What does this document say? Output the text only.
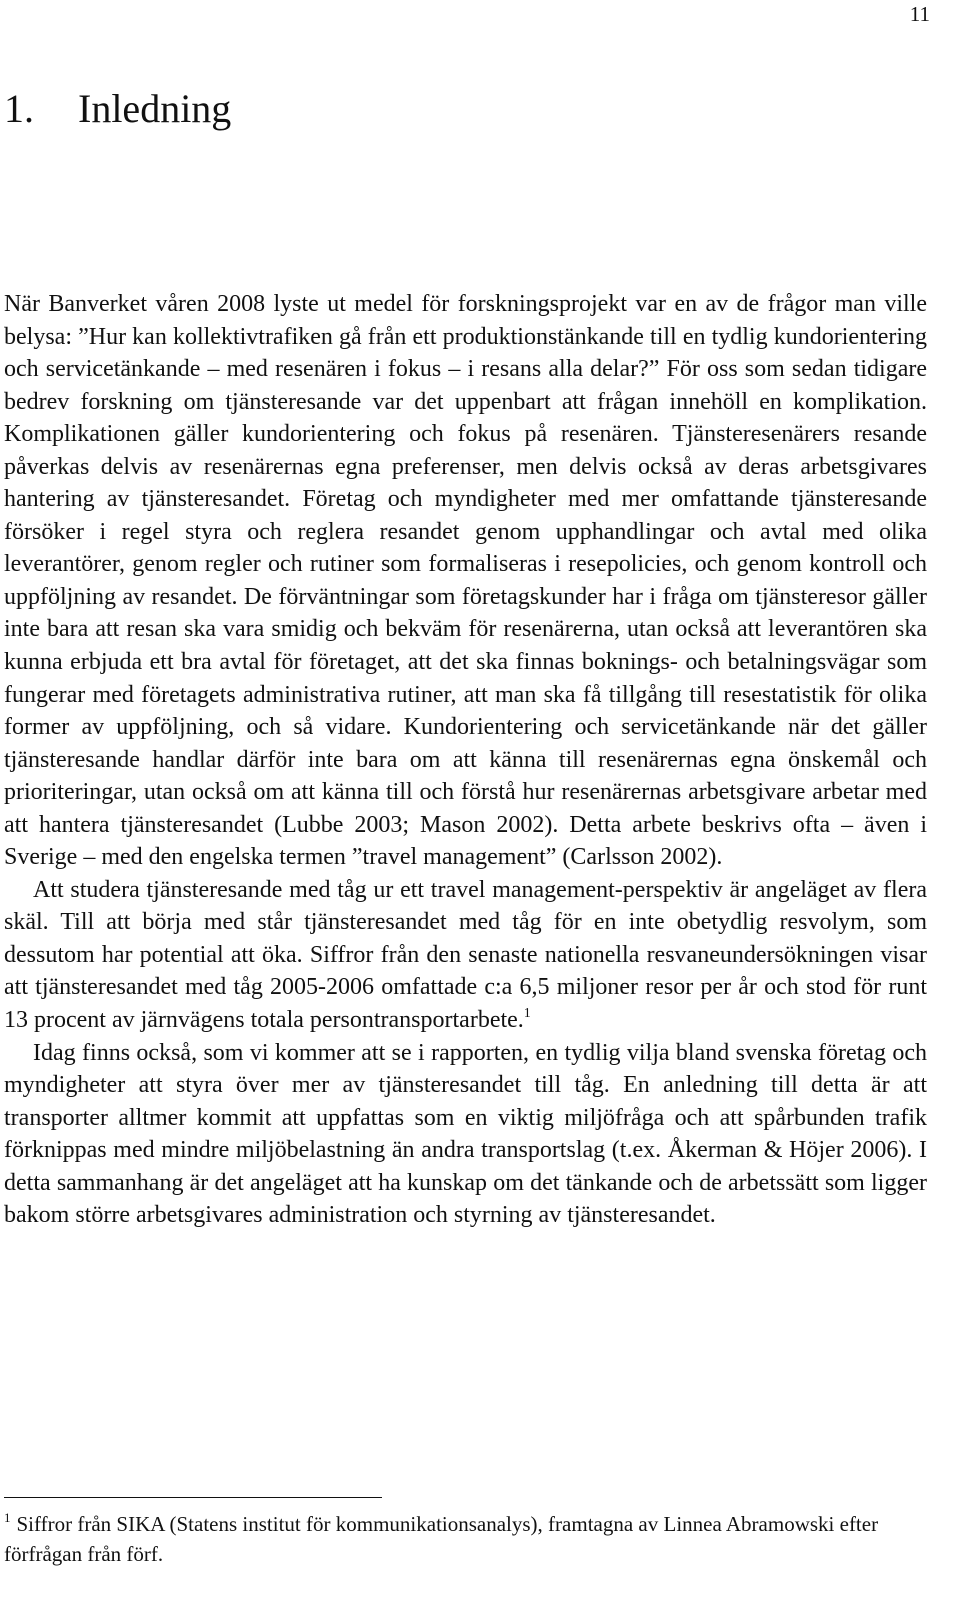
11
1. Inledning

När Banverket våren 2008 lyste ut medel för forskningsprojekt var en av de frågor man ville belysa: ”Hur kan kollektivtrafiken gå från ett produktionstänkande till en tydlig kundorientering och servicetänkande – med resenären i fokus – i resans alla delar?” För oss som sedan tidigare bedrev forskning om tjänsteresande var det uppenbart att frågan innehöll en komplikation. Komplikationen gäller kundorientering och fokus på resenären. Tjänsteresenärers resande påverkas delvis av resenärernas egna preferenser, men delvis också av deras arbetsgivares hantering av tjänsteresandet. Företag och myndigheter med mer omfattande tjänsteresande försöker i regel styra och reglera resandet genom upphandlingar och avtal med olika leverantörer, genom regler och rutiner som formaliseras i resepolicies, och genom kontroll och uppföljning av resandet. De förväntningar som företagskunder har i fråga om tjänsteresor gäller inte bara att resan ska vara smidig och bekväm för resenärerna, utan också att leverantören ska kunna erbjuda ett bra avtal för företaget, att det ska finnas boknings- och betalningsvägar som fungerar med företagets administrativa rutiner, att man ska få tillgång till resestatistik för olika former av uppföljning, och så vidare. Kundorientering och servicetänkande när det gäller tjänsteresande handlar därför inte bara om att känna till resenärernas egna önskemål och prioriteringar, utan också om att känna till och förstå hur resenärernas arbetsgivare arbetar med att hantera tjänsteresandet (Lubbe 2003; Mason 2002). Detta arbete beskrivs ofta – även i Sverige – med den engelska termen ”travel management” (Carlsson 2002).

Att studera tjänsteresande med tåg ur ett travel management-perspektiv är angeläget av flera skäl. Till att börja med står tjänsteresandet med tåg för en inte obetydlig resvolym, som dessutom har potential att öka. Siffror från den senaste nationella resvaneundersökningen visar att tjänsteresandet med tåg 2005-2006 omfattade c:a 6,5 miljoner resor per år och stod för runt 13 procent av järnvägens totala persontransportarbete.$^1$

Idag finns också, som vi kommer att se i rapporten, en tydlig vilja bland svenska företag och myndigheter att styra över mer av tjänsteresandet till tåg. En anledning till detta är att transporter alltmer kommit att uppfattas som en viktig miljöfråga och att spårbunden trafik förknippas med mindre miljöbelastning än andra transportslag (t.ex. Åkerman & Höjer 2006). I detta sammanhang är det angeläget att ha kunskap om det tänkande och de arbetssätt som ligger bakom större arbetsgivares administration och styrning av tjänsteresandet.

$^1$ Siffror från SIKA (Statens institut för kommunikationsanalys), framtagna av Linnea Abramowski efter förfrågan från förf.
